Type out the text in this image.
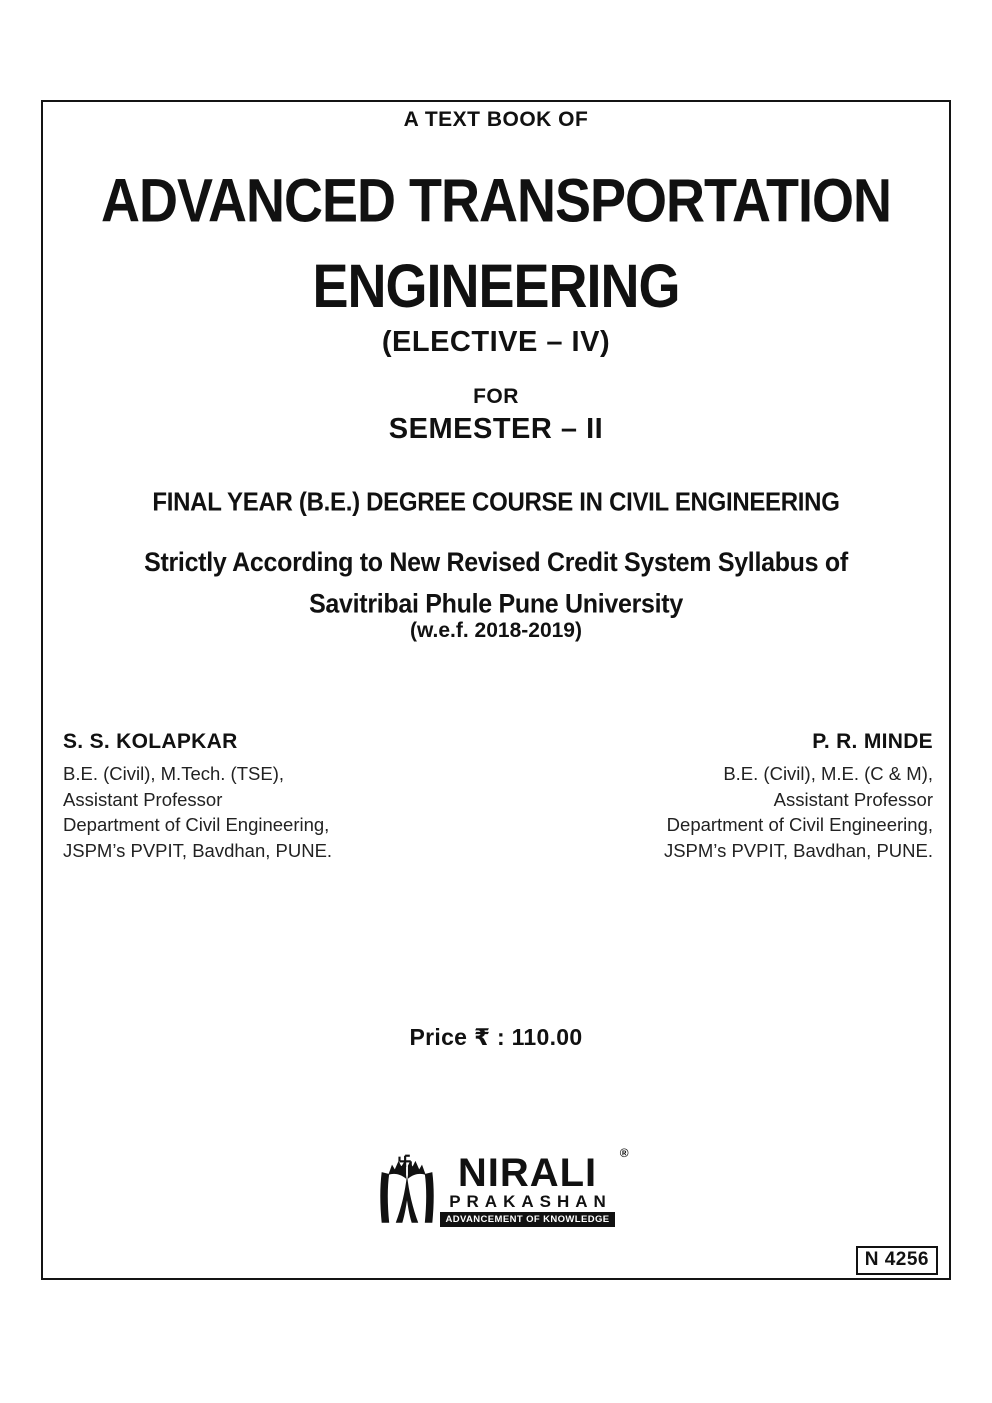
A TEXT BOOK OF
ADVANCED TRANSPORTATION
ENGINEERING
(ELECTIVE – IV)
FOR
SEMESTER – II
FINAL YEAR (B.E.) DEGREE COURSE IN CIVIL ENGINEERING
Strictly According to New Revised Credit System Syllabus of
Savitribai Phule Pune University
(w.e.f. 2018-2019)
S. S. KOLAPKAR
B.E. (Civil), M.Tech. (TSE),
Assistant Professor
Department of Civil Engineering,
JSPM’s PVPIT, Bavdhan, PUNE.
P. R. MINDE
B.E. (Civil), M.E. (C & M),
Assistant Professor
Department of Civil Engineering,
JSPM’s PVPIT, Bavdhan, PUNE.
Price ₹ : 110.00
NIRALI
PRAKASHAN
ADVANCEMENT OF KNOWLEDGE
®
N 4256
